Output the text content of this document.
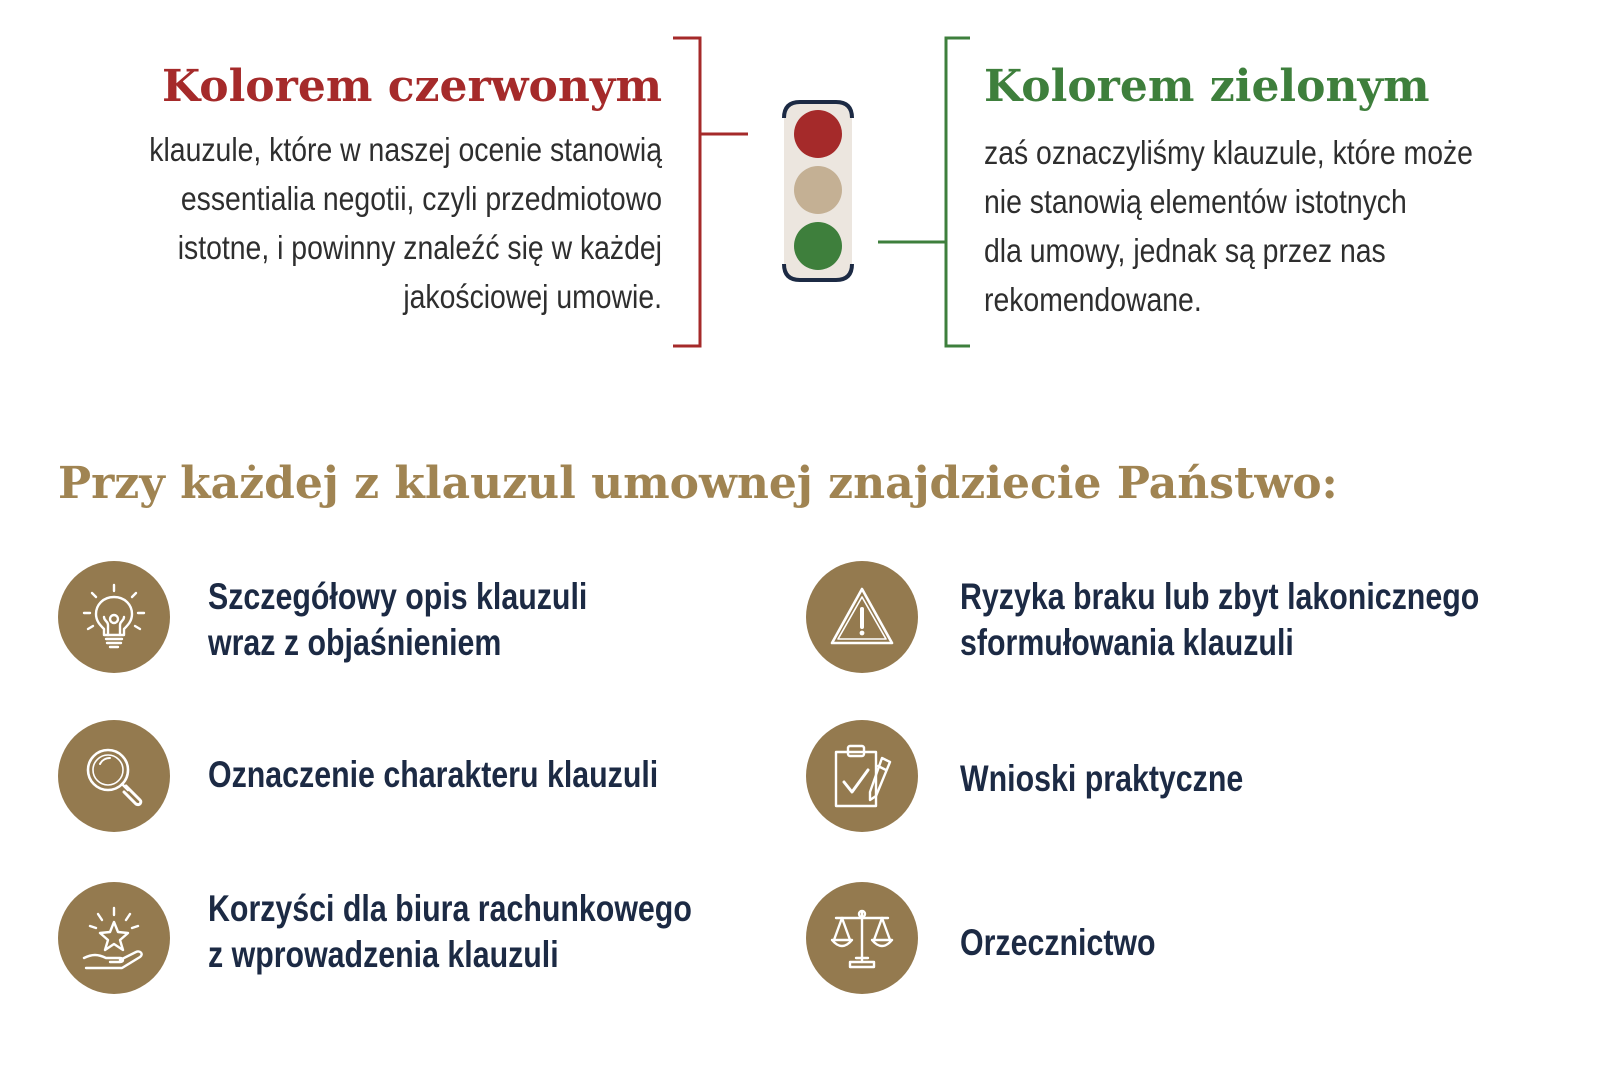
Kolorem czerwonym
klauzule, które w naszej ocenie stanowią
essentialia negotii, czyli przedmiotowo
istotne, i powinny znaleźć się w każdej
jakościowej umowie.
Kolorem zielonym
zaś oznaczyliśmy klauzule, które może
nie stanowią elementów istotnych
dla umowy, jednak są przez nas
rekomendowane.
Przy każdej z klauzul umownej znajdziecie Państwo:
Szczegółowy opis klauzuli
wraz z objaśnieniem
Ryzyka braku lub zbyt lakonicznego
sformułowania klauzuli
Oznaczenie charakteru klauzuli	Wnioski praktyczne
Korzyści dla biura rachunkowego
z wprowadzenia klauzuli	Orzecznictwo
